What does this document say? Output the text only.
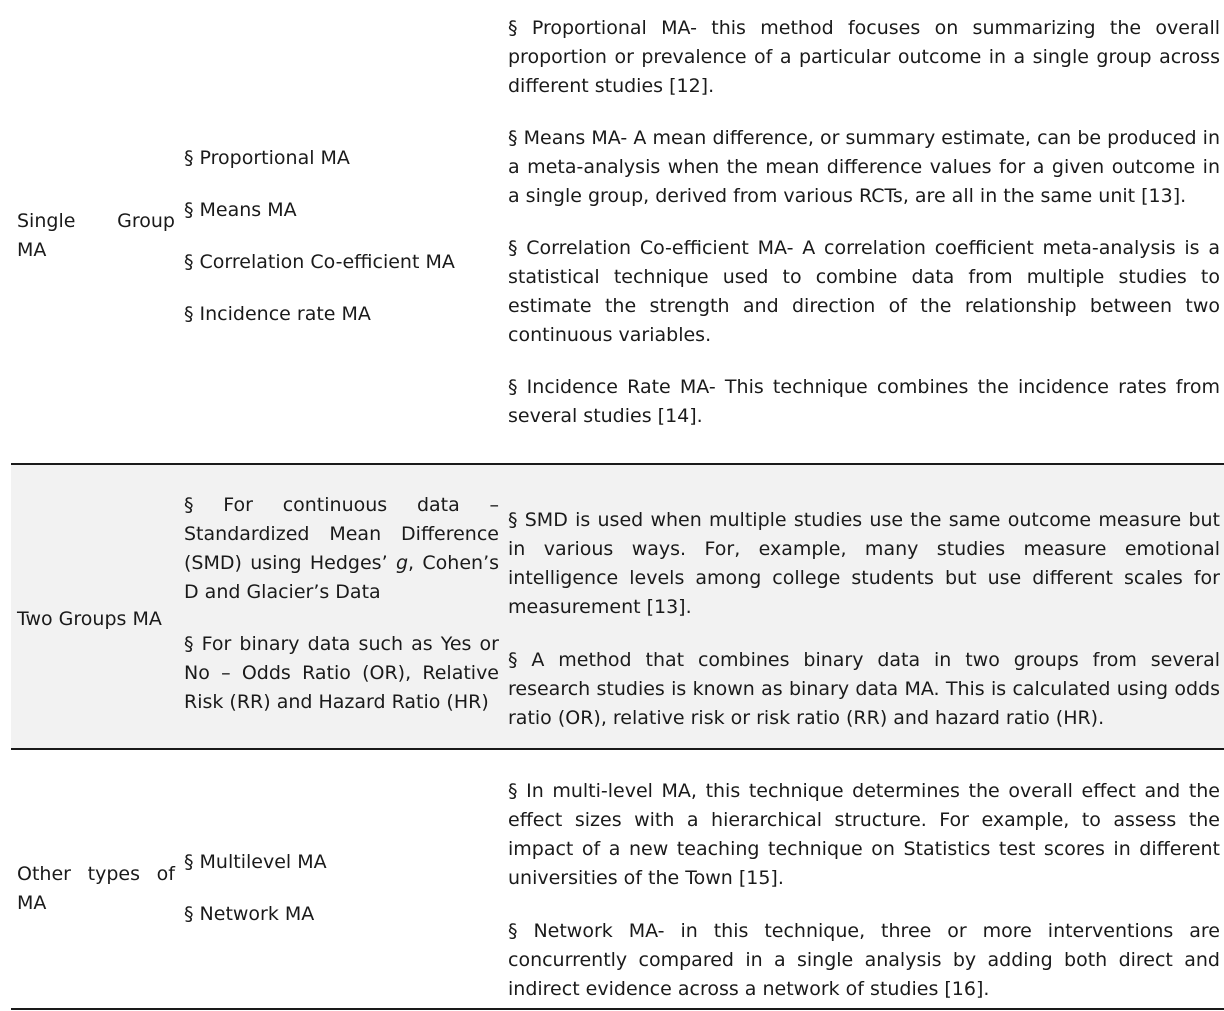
Single Group
MA

§ Proportional MA

§ Means MA

§ Correlation Co-efficient MA

§ Incidence rate MA

§ Proportional MA- this method focuses on summarizing the overall proportion or prevalence of a particular outcome in a single group across different studies [12].

§ Means MA- A mean difference, or summary estimate, can be produced in a meta-analysis when the mean difference values for a given outcome in a single group, derived from various RCTs, are all in the same unit [13].

§ Correlation Co-efficient MA- A correlation coefficient meta-analysis is a statistical technique used to combine data from multiple studies to estimate the strength and direction of the relationship between two continuous variables.

§ Incidence Rate MA- This technique combines the incidence rates from several studies [14].

Two Groups MA

§ For continuous data – Standardized Mean Difference (SMD) using Hedges’ g, Cohen’s D and Glacier’s Data

§ For binary data such as Yes or No – Odds Ratio (OR), Relative Risk (RR) and Hazard Ratio (HR)

§ SMD is used when multiple studies use the same outcome measure but in various ways. For, example, many studies measure emotional intelligence levels among college students but use different scales for measurement [13].

§ A method that combines binary data in two groups from several research studies is known as binary data MA. This is calculated using odds ratio (OR), relative risk or risk ratio (RR) and hazard ratio (HR).

Other types of
MA

§ Multilevel MA

§ Network MA

§ In multi-level MA, this technique determines the overall effect and the effect sizes with a hierarchical structure. For example, to assess the impact of a new teaching technique on Statistics test scores in different universities of the Town [15].

§ Network MA- in this technique, three or more interventions are concurrently compared in a single analysis by adding both direct and indirect evidence across a network of studies [16].
